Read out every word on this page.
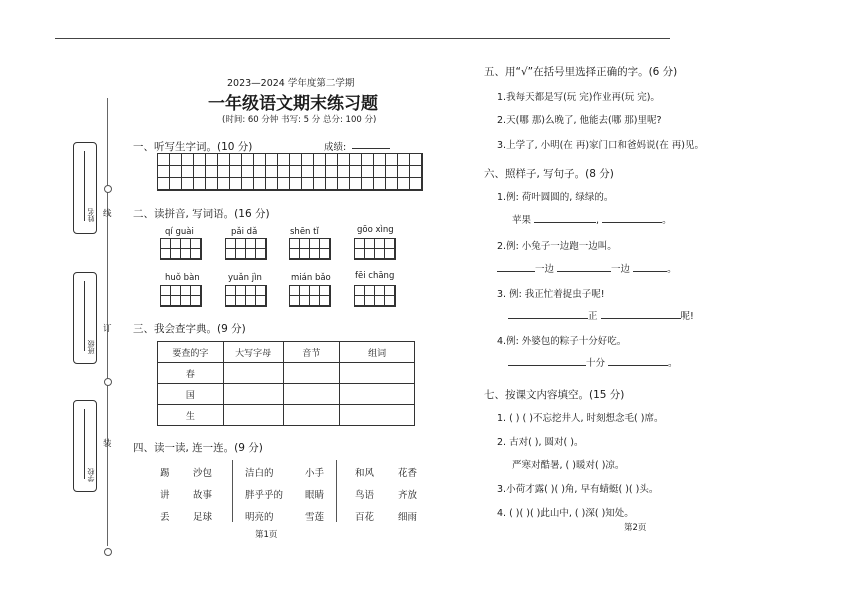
线
订
装
姓名
班级
学校
2023—2024 学年度第二学期
一年级语文期末练习题
(时间: 60 分钟 书写: 5 分 总分: 100 分)
一、听写生字词。(10 分)	成绩:
二、读拼音, 写词语。(16 分)
qí guài	pǎi dǎ	shēn tǐ	gōo xìng
huǒ bàn	yuǎn jìn	mián bǎo	fēi chāng
三、我会查字典。(9 分)
要查的字	大写字母	音节	组词
春			
国			
生			
四、读一读, 连一连。(9 分)
踢
讲
丢
沙包
故事
足球
洁白的
胖乎乎的
明亮的
小手
眼睛
雪莲
和风
鸟语
百花
花香
齐放
细雨
第1页
五、用“√”在括号里选择正确的字。(6 分)
1.我每天都是写(玩 完)作业再(玩 完)。
2.天(哪 那)么晚了, 他能去(哪 那)里呢?
3.上学了, 小明(在 再)家门口和爸妈说(在 再)见。
六、照样子, 写句子。(8 分)
1.例: 荷叶圆圆的, 绿绿的。
苹果	,	。
2.例: 小兔子一边跑一边叫。
一边	一边	。
3. 例: 我正忙着捉虫子呢!
正	呢!
4.例: 外婆包的粽子十分好吃。
十分	。
七、按课文内容填空。(15 分)
1. ( ) ( )不忘挖井人, 时刻想念毛( )席。
2. 古对( ), 圆对( )。
严寒对酷暑, ( )暖对( )凉。
3.小荷才露( )( )角, 早有蜻蜓( )( )头。
4. ( )( )( )此山中, ( )深( )知处。
第2页
